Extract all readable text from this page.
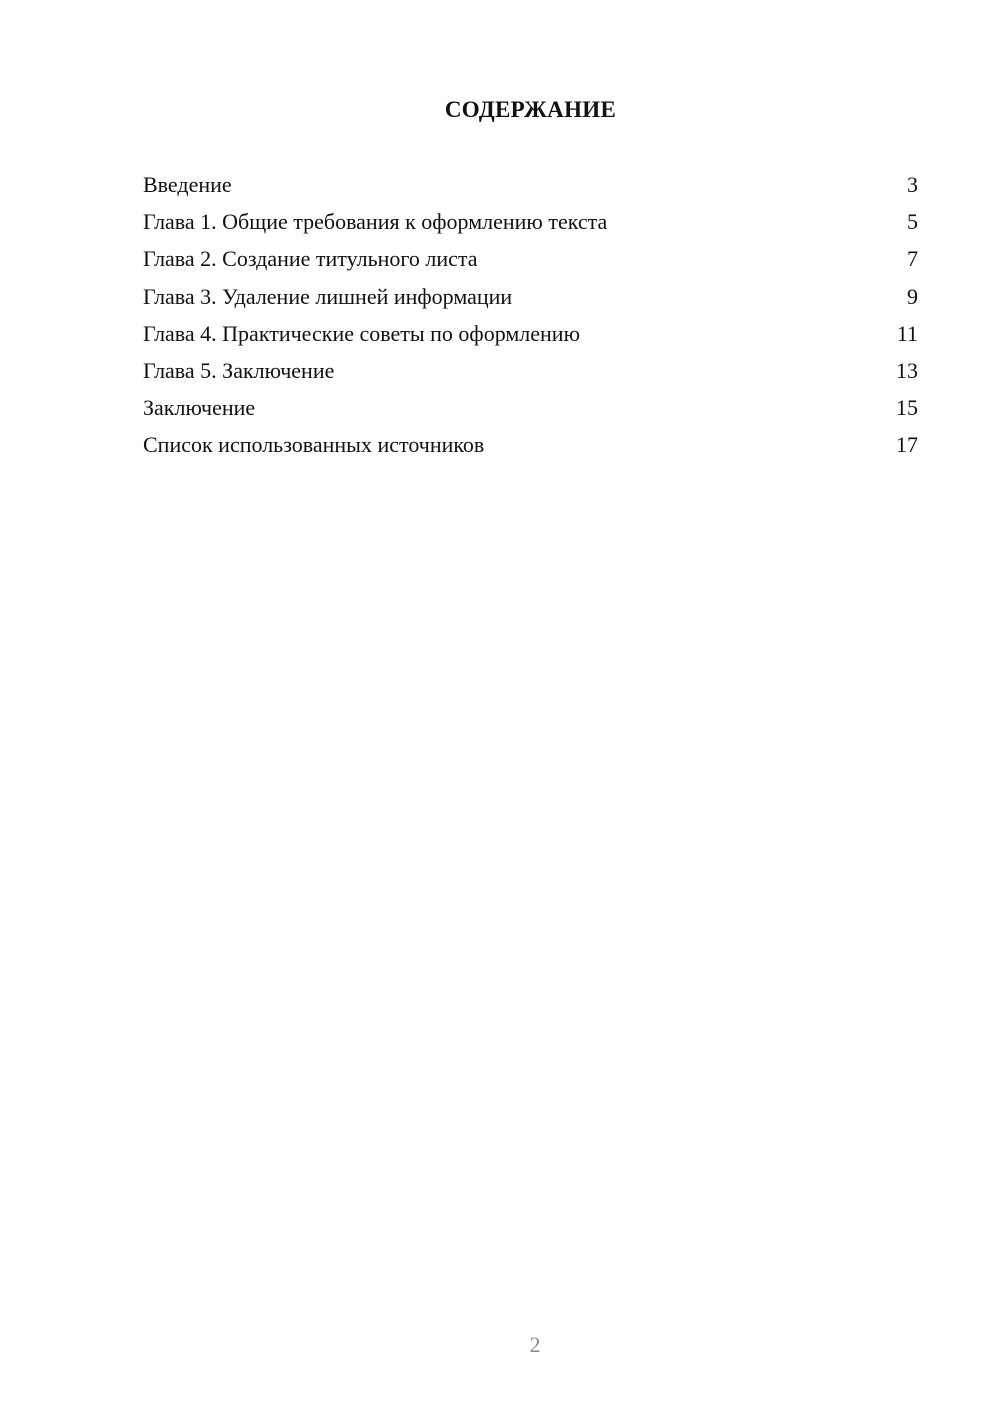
СОДЕРЖАНИЕ
Введение	3
Глава 1. Общие требования к оформлению текста	5
Глава 2. Создание титульного листа	7
Глава 3. Удаление лишней информации	9
Глава 4. Практические советы по оформлению	11
Глава 5. Заключение	13
Заключение	15
Список использованных источников	17
2
